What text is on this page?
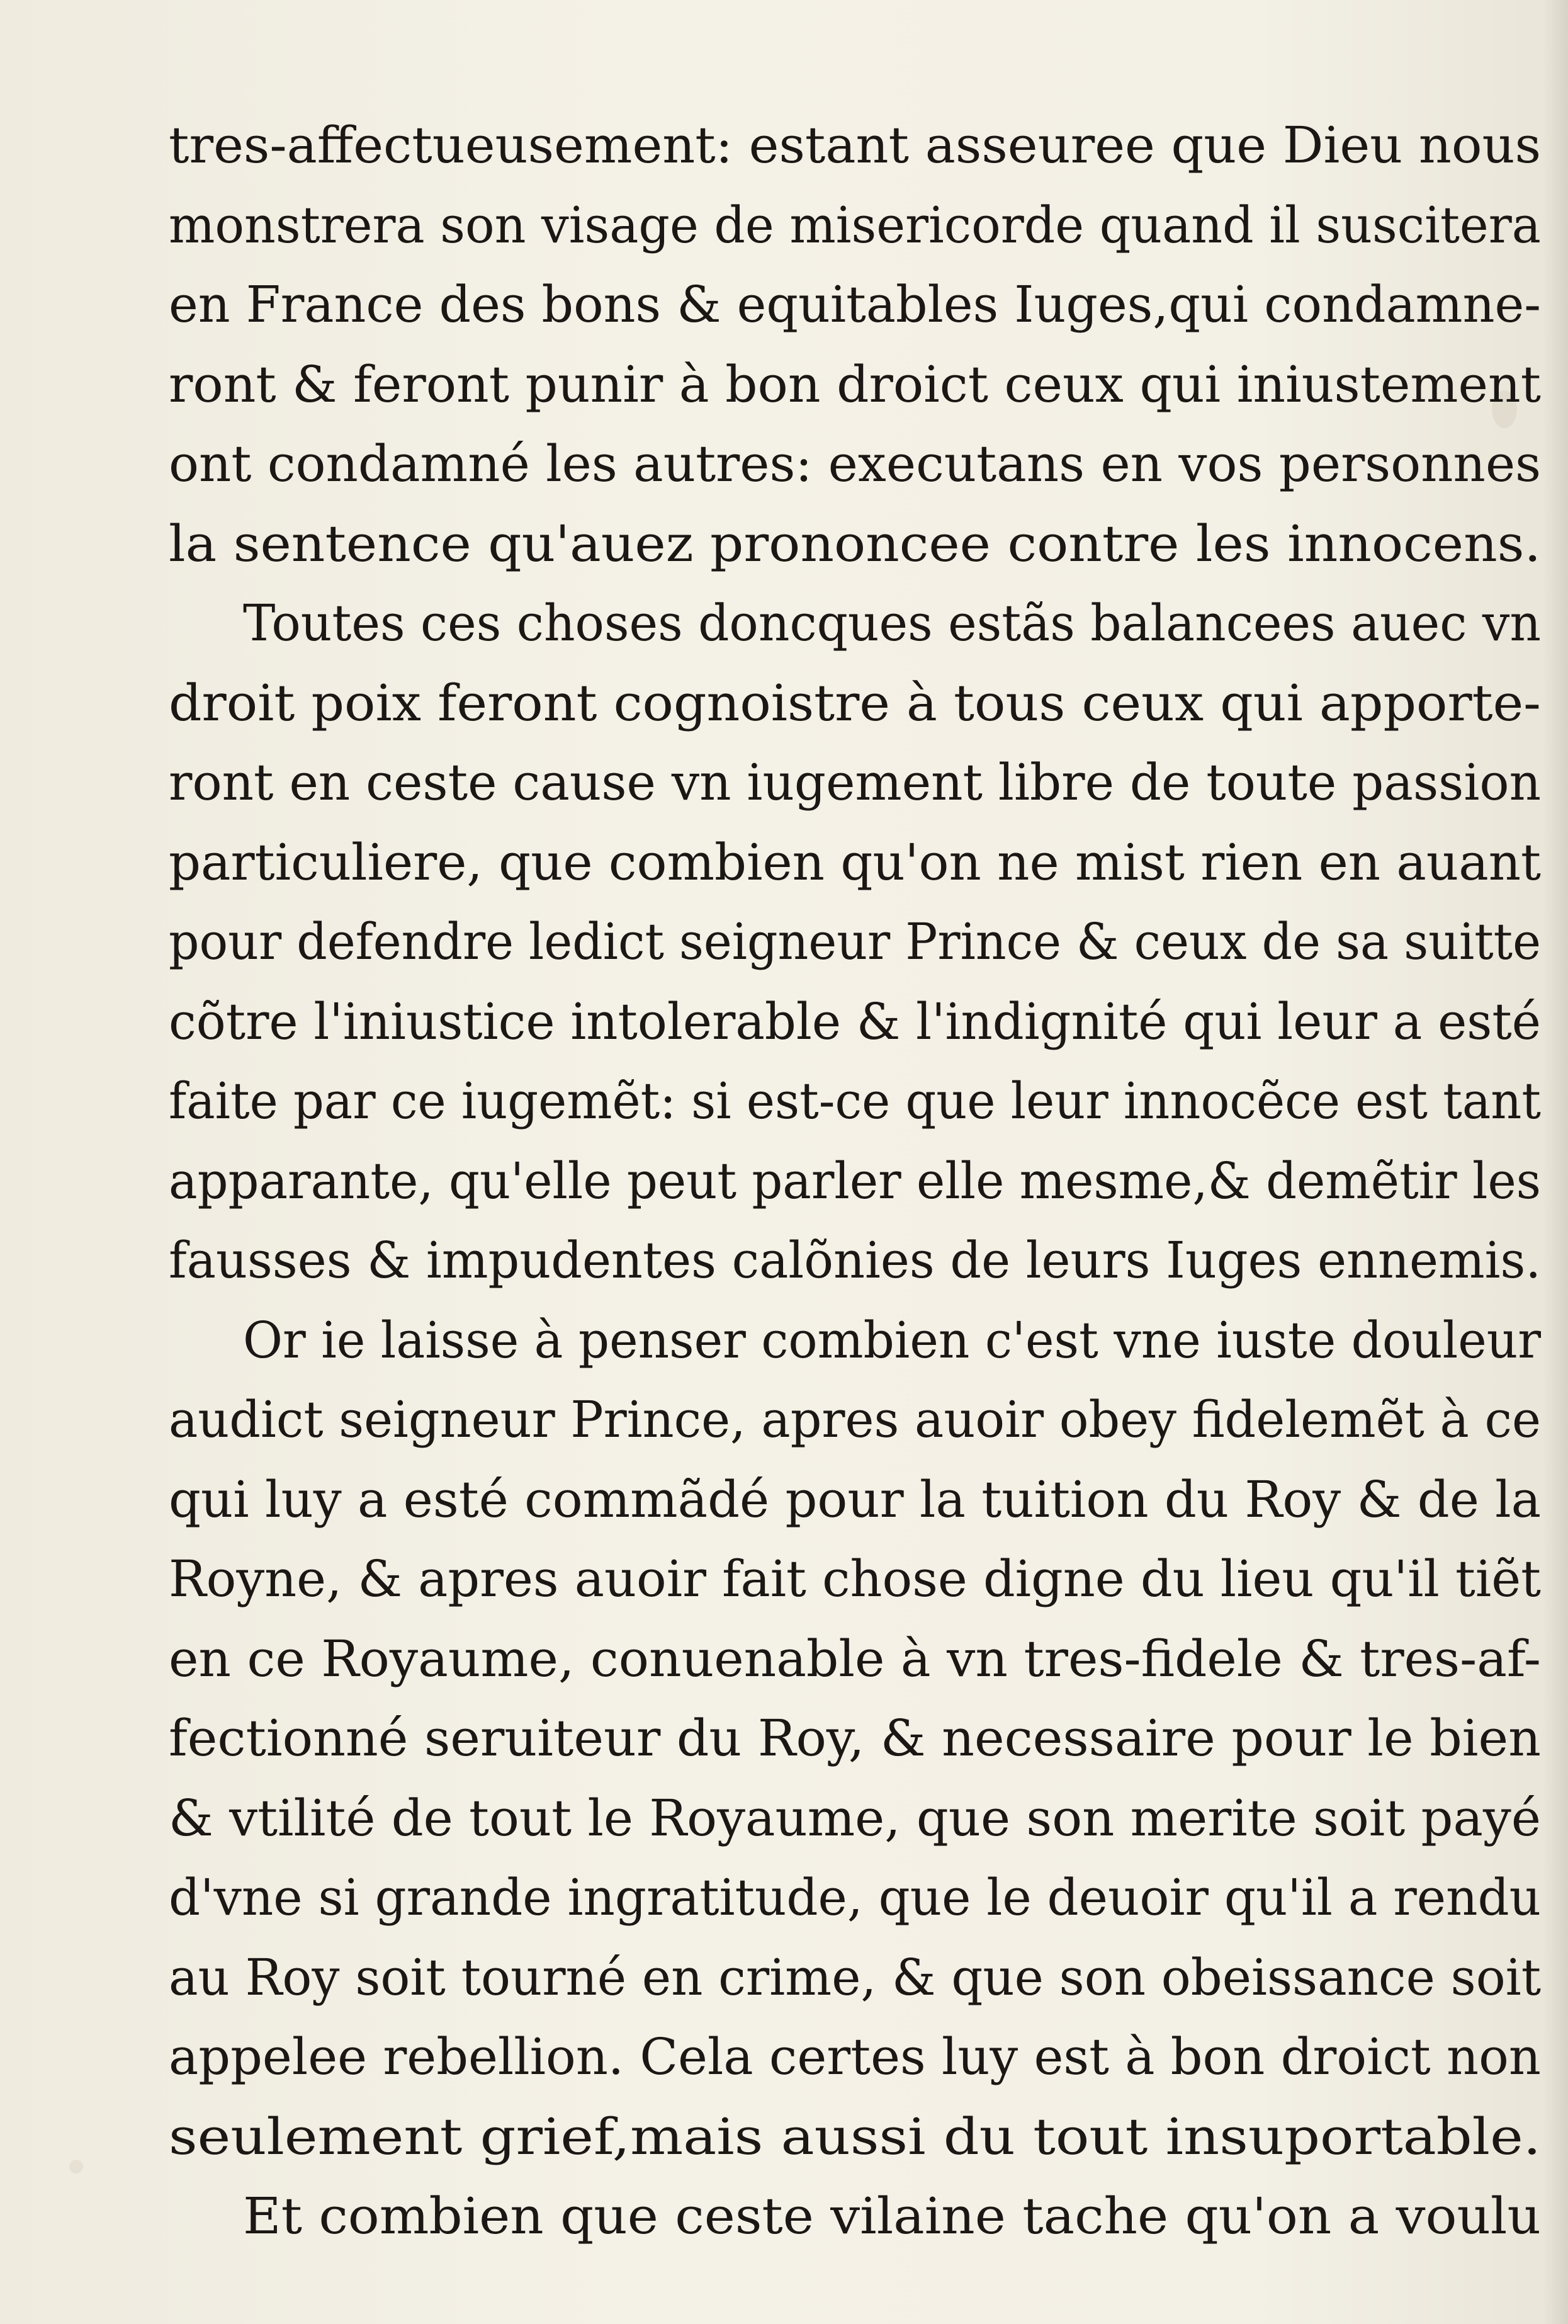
tres-affectueusement: estant asseuree que Dieu nous
monstrera son visage de misericorde quand il suscitera
en France des bons & equitables Iuges,qui condamne-
ront & feront punir à bon droict ceux qui iniustement
ont condamné les autres: executans en vos personnes
la sentence qu'auez prononcee contre les innocens.
Toutes ces choses doncques estãs balancees auec vn
droit poix feront cognoistre à tous ceux qui apporte-
ront en ceste cause vn iugement libre de toute passion
particuliere, que combien qu'on ne mist rien en auant
pour defendre ledict seigneur Prince & ceux de sa suitte
cõtre l'iniustice intolerable & l'indignité qui leur a esté
faite par ce iugemẽt: si est-ce que leur innocẽce est tant
apparante, qu'elle peut parler elle mesme,& demẽtir les
fausses & impudentes calõnies de leurs Iuges ennemis.
Or ie laisse à penser combien c'est vne iuste douleur
audict seigneur Prince, apres auoir obey fidelemẽt à ce
qui luy a esté commãdé pour la tuition du Roy & de la
Royne, & apres auoir fait chose digne du lieu qu'il tiẽt
en ce Royaume, conuenable à vn tres-fidele & tres-af-
fectionné seruiteur du Roy, & necessaire pour le bien
& vtilité de tout le Royaume, que son merite soit payé
d'vne si grande ingratitude, que le deuoir qu'il a rendu
au Roy soit tourné en crime, & que son obeissance soit
appelee rebellion. Cela certes luy est à bon droict non
seulement grief,mais aussi du tout insuportable.
Et combien que ceste vilaine tache qu'on a voulu
